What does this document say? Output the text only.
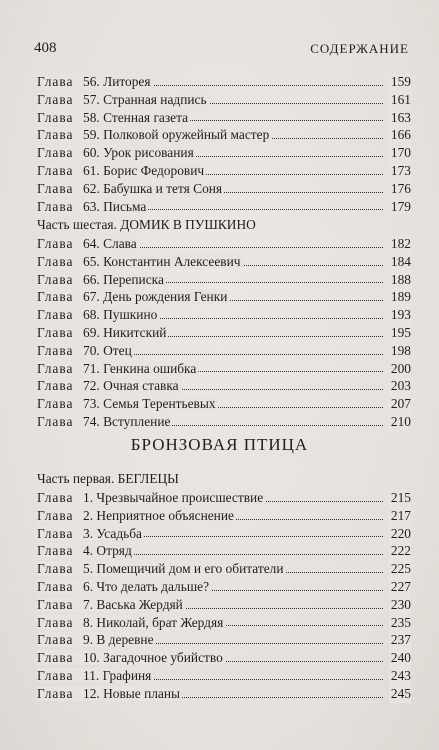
408	СОДЕРЖАНИЕ
Глава 56. Литорея	159
Глава 57. Странная надпись	161
Глава 58. Стенная газета	163
Глава 59. Полковой оружейный мастер	166
Глава 60. Урок рисования	170
Глава 61. Борис Федорович	173
Глава 62. Бабушка и тетя Соня	176
Глава 63. Письма	179
Часть шестая. ДОМИК В ПУШКИНО
Глава 64. Слава	182
Глава 65. Константин Алексеевич	184
Глава 66. Переписка	188
Глава 67. День рождения Генки	189
Глава 68. Пушкино	193
Глава 69. Никитский	195
Глава 70. Отец	198
Глава 71. Генкина ошибка	200
Глава 72. Очная ставка	203
Глава 73. Семья Терентьевых	207
Глава 74. Вступление	210
БРОНЗОВАЯ ПТИЦА
Часть первая. БЕГЛЕЦЫ
Глава 1. Чрезвычайное происшествие	215
Глава 2. Неприятное объяснение	217
Глава 3. Усадьба	220
Глава 4. Отряд	222
Глава 5. Помещичий дом и его обитатели	225
Глава 6. Что делать дальше?	227
Глава 7. Васька Жердяй	230
Глава 8. Николай, брат Жердяя	235
Глава 9. В деревне	237
Глава 10. Загадочное убийство	240
Глава 11. Графиня	243
Глава 12. Новые планы	245
